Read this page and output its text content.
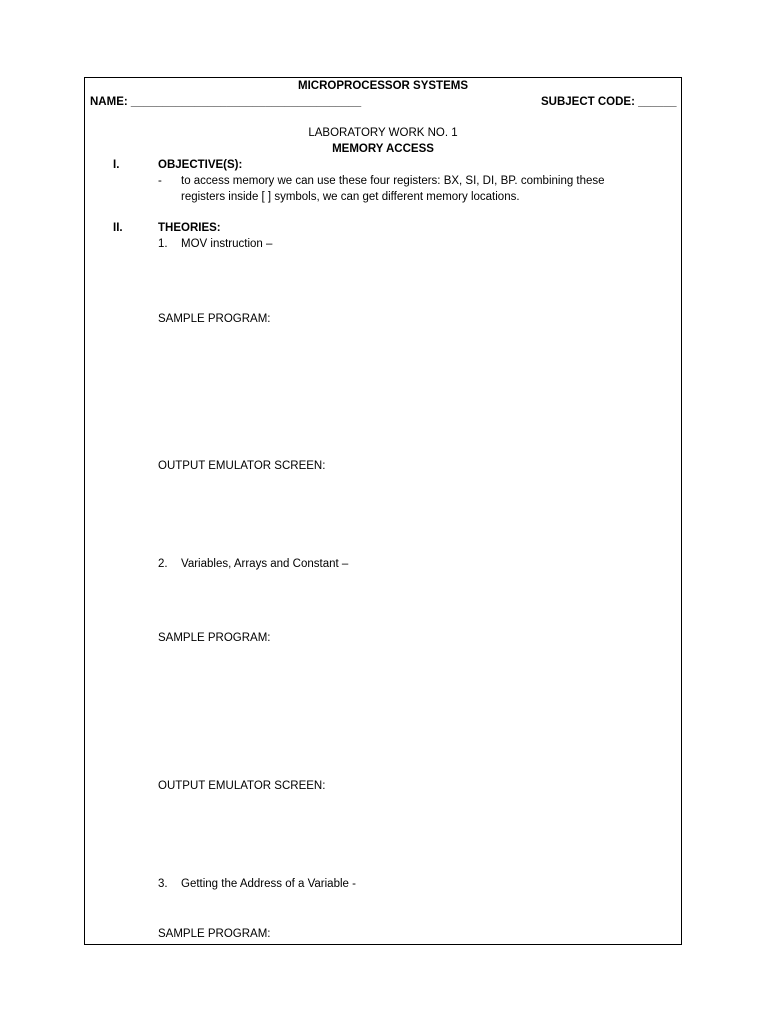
MICROPROCESSOR SYSTEMS
NAME: ____________________________________	SUBJECT CODE: ______
LABORATORY WORK NO. 1
MEMORY ACCESS
I.	OBJECTIVE(S):
- to access memory we can use these four registers: BX, SI, DI, BP. combining these
registers inside [ ] symbols, we can get different memory locations.
II.	THEORIES:
1. MOV instruction –
SAMPLE PROGRAM:
OUTPUT EMULATOR SCREEN:
2. Variables, Arrays and Constant –
SAMPLE PROGRAM:
OUTPUT EMULATOR SCREEN:
3. Getting the Address of a Variable -
SAMPLE PROGRAM:
